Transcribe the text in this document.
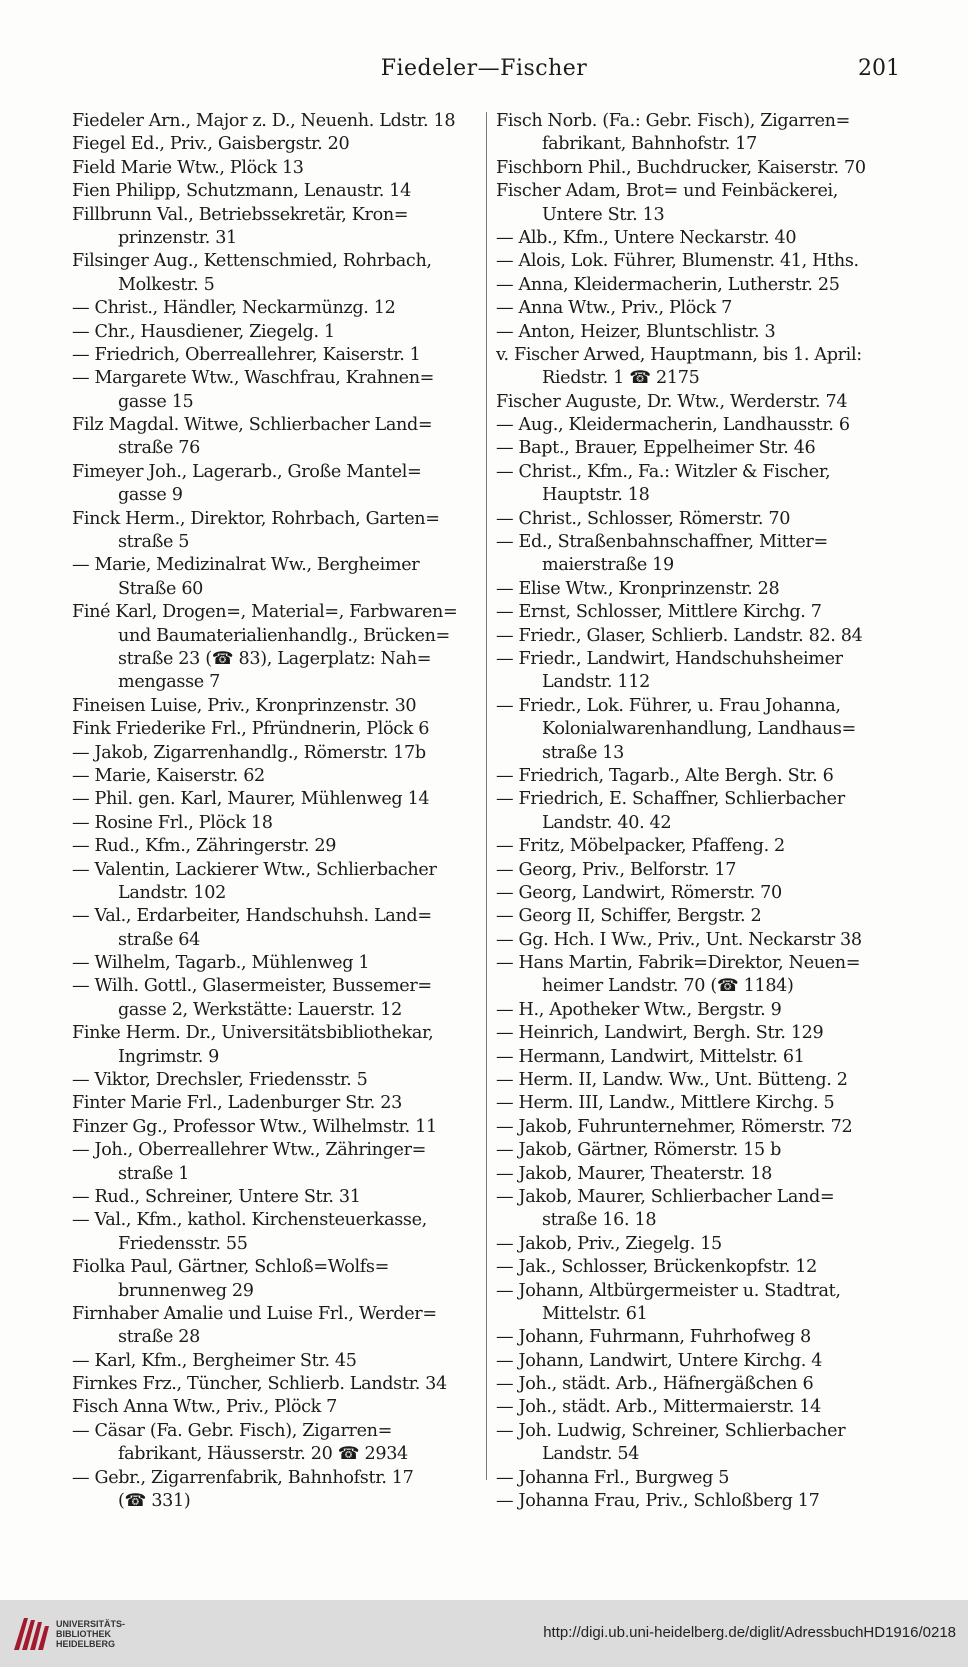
Fiedeler—Fischer	201
Fiedeler Arn., Major z. D., Neuenh. Ldstr. 18
Fiegel Ed., Priv., Gaisbergstr. 20
Field Marie Wtw., Plöck 13
Fien Philipp, Schutzmann, Lenaustr. 14
Fillbrunn Val., Betriebssekretär, Kron=
prinzenstr. 31
Filsinger Aug., Kettenschmied, Rohrbach,
Molkestr. 5
— Christ., Händler, Neckarmünzg. 12
— Chr., Hausdiener, Ziegelg. 1
— Friedrich, Oberreallehrer, Kaiserstr. 1
— Margarete Wtw., Waschfrau, Krahnen=
gasse 15
Filz Magdal. Witwe, Schlierbacher Land=
straße 76
Fimeyer Joh., Lagerarb., Große Mantel=
gasse 9
Finck Herm., Direktor, Rohrbach, Garten=
straße 5
— Marie, Medizinalrat Ww., Bergheimer
Straße 60
Finé Karl, Drogen=, Material=, Farbwaren=
und Baumaterialienhandlg., Brücken=
straße 23 (☎ 83), Lagerplatz: Nah=
mengasse 7
Fineisen Luise, Priv., Kronprinzenstr. 30
Fink Friederike Frl., Pfründnerin, Plöck 6
— Jakob, Zigarrenhandlg., Römerstr. 17b
— Marie, Kaiserstr. 62
— Phil. gen. Karl, Maurer, Mühlenweg 14
— Rosine Frl., Plöck 18
— Rud., Kfm., Zähringerstr. 29
— Valentin, Lackierer Wtw., Schlierbacher
Landstr. 102
— Val., Erdarbeiter, Handschuhsh. Land=
straße 64
— Wilhelm, Tagarb., Mühlenweg 1
— Wilh. Gottl., Glasermeister, Bussemer=
gasse 2, Werkstätte: Lauerstr. 12
Finke Herm. Dr., Universitätsbibliothekar,
Ingrimstr. 9
— Viktor, Drechsler, Friedensstr. 5
Finter Marie Frl., Ladenburger Str. 23
Finzer Gg., Professor Wtw., Wilhelmstr. 11
— Joh., Oberreallehrer Wtw., Zähringer=
straße 1
— Rud., Schreiner, Untere Str. 31
— Val., Kfm., kathol. Kirchensteuerkasse,
Friedensstr. 55
Fiolka Paul, Gärtner, Schloß=Wolfs=
brunnenweg 29
Firnhaber Amalie und Luise Frl., Werder=
straße 28
— Karl, Kfm., Bergheimer Str. 45
Firnkes Frz., Tüncher, Schlierb. Landstr. 34
Fisch Anna Wtw., Priv., Plöck 7
— Cäsar (Fa. Gebr. Fisch), Zigarren=
fabrikant, Häusserstr. 20 ☎ 2934
— Gebr., Zigarrenfabrik, Bahnhofstr. 17
(☎ 331)
Fisch Norb. (Fa.: Gebr. Fisch), Zigarren=
fabrikant, Bahnhofstr. 17
Fischborn Phil., Buchdrucker, Kaiserstr. 70
Fischer Adam, Brot= und Feinbäckerei,
Untere Str. 13
— Alb., Kfm., Untere Neckarstr. 40
— Alois, Lok. Führer, Blumenstr. 41, Hths.
— Anna, Kleidermacherin, Lutherstr. 25
— Anna Wtw., Priv., Plöck 7
— Anton, Heizer, Bluntschlistr. 3
v. Fischer Arwed, Hauptmann, bis 1. April:
Riedstr. 1 ☎ 2175
Fischer Auguste, Dr. Wtw., Werderstr. 74
— Aug., Kleidermacherin, Landhausstr. 6
— Bapt., Brauer, Eppelheimer Str. 46
— Christ., Kfm., Fa.: Witzler & Fischer,
Hauptstr. 18
— Christ., Schlosser, Römerstr. 70
— Ed., Straßenbahnschaffner, Mitter=
maierstraße 19
— Elise Wtw., Kronprinzenstr. 28
— Ernst, Schlosser, Mittlere Kirchg. 7
— Friedr., Glaser, Schlierb. Landstr. 82. 84
— Friedr., Landwirt, Handschuhsheimer
Landstr. 112
— Friedr., Lok. Führer, u. Frau Johanna,
Kolonialwarenhandlung, Landhaus=
straße 13
— Friedrich, Tagarb., Alte Bergh. Str. 6
— Friedrich, E. Schaffner, Schlierbacher
Landstr. 40. 42
— Fritz, Möbelpacker, Pfaffeng. 2
— Georg, Priv., Belforstr. 17
— Georg, Landwirt, Römerstr. 70
— Georg II, Schiffer, Bergstr. 2
— Gg. Hch. I Ww., Priv., Unt. Neckarstr 38
— Hans Martin, Fabrik=Direktor, Neuen=
heimer Landstr. 70 (☎ 1184)
— H., Apotheker Wtw., Bergstr. 9
— Heinrich, Landwirt, Bergh. Str. 129
— Hermann, Landwirt, Mittelstr. 61
— Herm. II, Landw. Ww., Unt. Bütteng. 2
— Herm. III, Landw., Mittlere Kirchg. 5
— Jakob, Fuhrunternehmer, Römerstr. 72
— Jakob, Gärtner, Römerstr. 15 b
— Jakob, Maurer, Theaterstr. 18
— Jakob, Maurer, Schlierbacher Land=
straße 16. 18
— Jakob, Priv., Ziegelg. 15
— Jak., Schlosser, Brückenkopfstr. 12
— Johann, Altbürgermeister u. Stadtrat,
Mittelstr. 61
— Johann, Fuhrmann, Fuhrhofweg 8
— Johann, Landwirt, Untere Kirchg. 4
— Joh., städt. Arb., Häfnergäßchen 6
— Joh., städt. Arb., Mittermaierstr. 14
— Joh. Ludwig, Schreiner, Schlierbacher
Landstr. 54
— Johanna Frl., Burgweg 5
— Johanna Frau, Priv., Schloßberg 17
UNIVERSITÄTS-
BIBLIOTHEK
HEIDELBERG
http://digi.ub.uni-heidelberg.de/diglit/AdressbuchHD1916/0218
